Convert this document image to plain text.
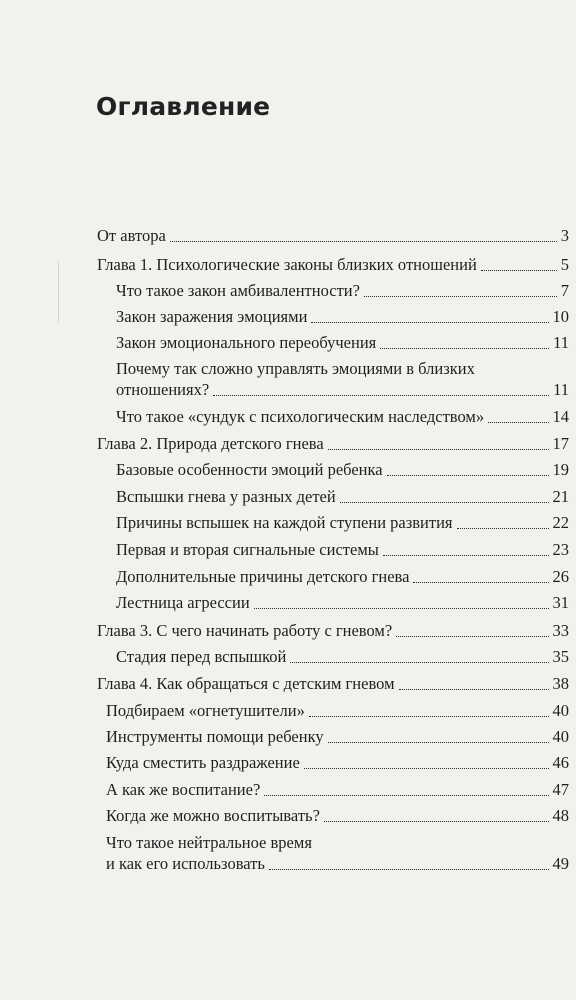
Оглавление
От автора	3
Глава 1. Психологические законы близких отношений	5
Что такое закон амбивалентности?	7
Закон заражения эмоциями	10
Закон эмоционального переобучения	11
Почему так сложно управлять эмоциями в близких
отношениях?	11
Что такое «сундук с психологическим наследством»	14
Глава 2. Природа детского гнева	17
Базовые особенности эмоций ребенка	19
Вспышки гнева у разных детей	21
Причины вспышек на каждой ступени развития	22
Первая и вторая сигнальные системы	23
Дополнительные причины детского гнева	26
Лестница агрессии	31
Глава 3. С чего начинать работу с гневом?	33
Стадия перед вспышкой	35
Глава 4. Как обращаться с детским гневом	38
Подбираем «огнетушители»	40
Инструменты помощи ребенку	40
Куда сместить раздражение	46
А как же воспитание?	47
Когда же можно воспитывать?	48
Что такое нейтральное время
и как его использовать	49
